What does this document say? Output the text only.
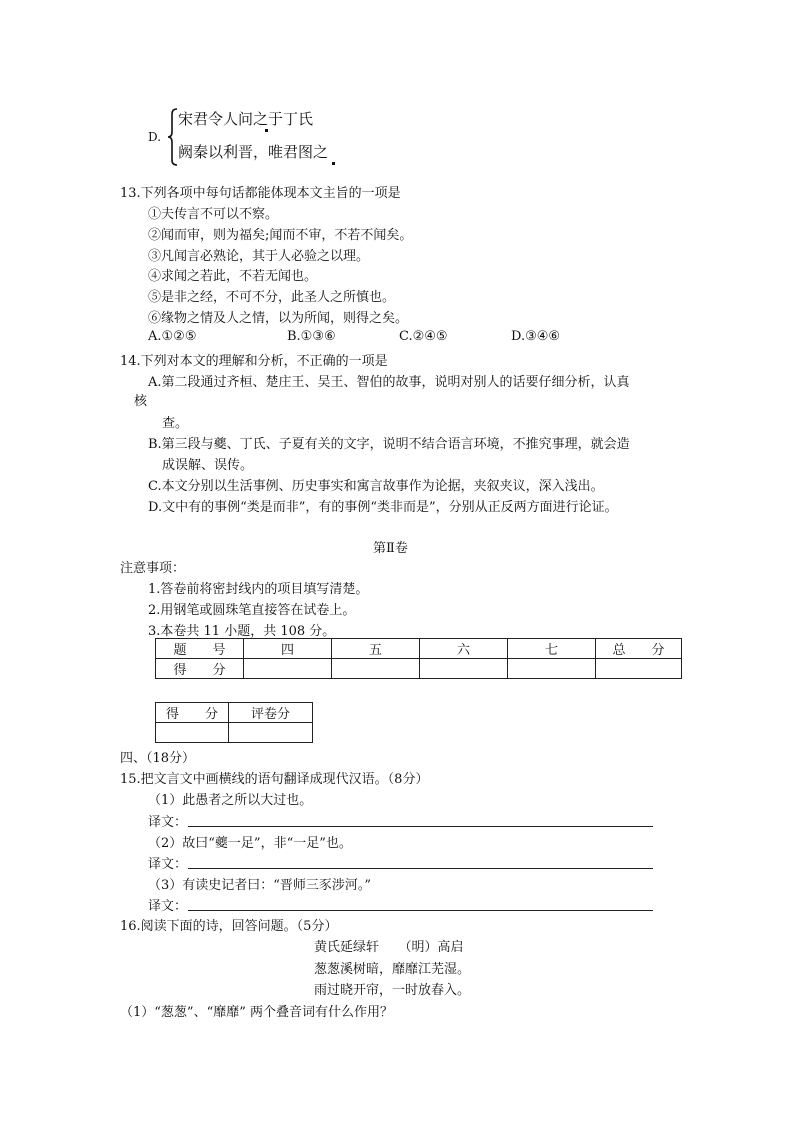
D.
宋君令人问之于丁氏
阙秦以利晋，唯君图之
13.下列各项中每句话都能体现本文主旨的一项是
①夫传言不可以不察。
②闻而审，则为福矣;闻而不审，不若不闻矣。
③凡闻言必熟论，其于人必验之以理。
④求闻之若此，不若无闻也。
⑤是非之经，不可不分，此圣人之所慎也。
⑥缘物之情及人之情，以为所闻，则得之矣。
A.①②⑤	B.①③⑥	C.②④⑤	D.③④⑥
14.下列对本文的理解和分析，不正确的一项是
A.第二段通过齐桓、楚庄王、吴王、智伯的故事，说明对别人的话要仔细分析，认真
核
查。
B.第三段与夔、丁氏、子夏有关的文字，说明不结合语言环境，不推究事理，就会造
成误解、误传。
C.本文分别以生活事例、历史事实和寓言故事作为论据，夹叙夹议，深入浅出。
D.文中有的事例“类是而非”，有的事例“类非而是”，分别从正反两方面进行论证。
第Ⅱ卷
注意事项：
1.答卷前将密封线内的项目填写清楚。
2.用钢笔或圆珠笔直接答在试卷上。
3.本卷共 11 小题，共 108 分。
题　　号	四	五	六	七	总　　分
得　　分					
得　　分	评卷分

四、（18分）
15.把文言文中画横线的语句翻译成现代汉语。（8分）
（1）此愚者之所以大过也。
译文：
（2）故曰“夔一足”，非“一足”也。
译文：
（3）有读史记者曰：“晋师三豕涉河。”
译文：
16.阅读下面的诗，回答问题。（5分）
黄氏延绿轩　　（明）高启
葱葱溪树暗，靡靡江芜湿。
雨过晓开帘，一时放春入。
（1）“葱葱”、“靡靡” 两个叠音词有什么作用？
